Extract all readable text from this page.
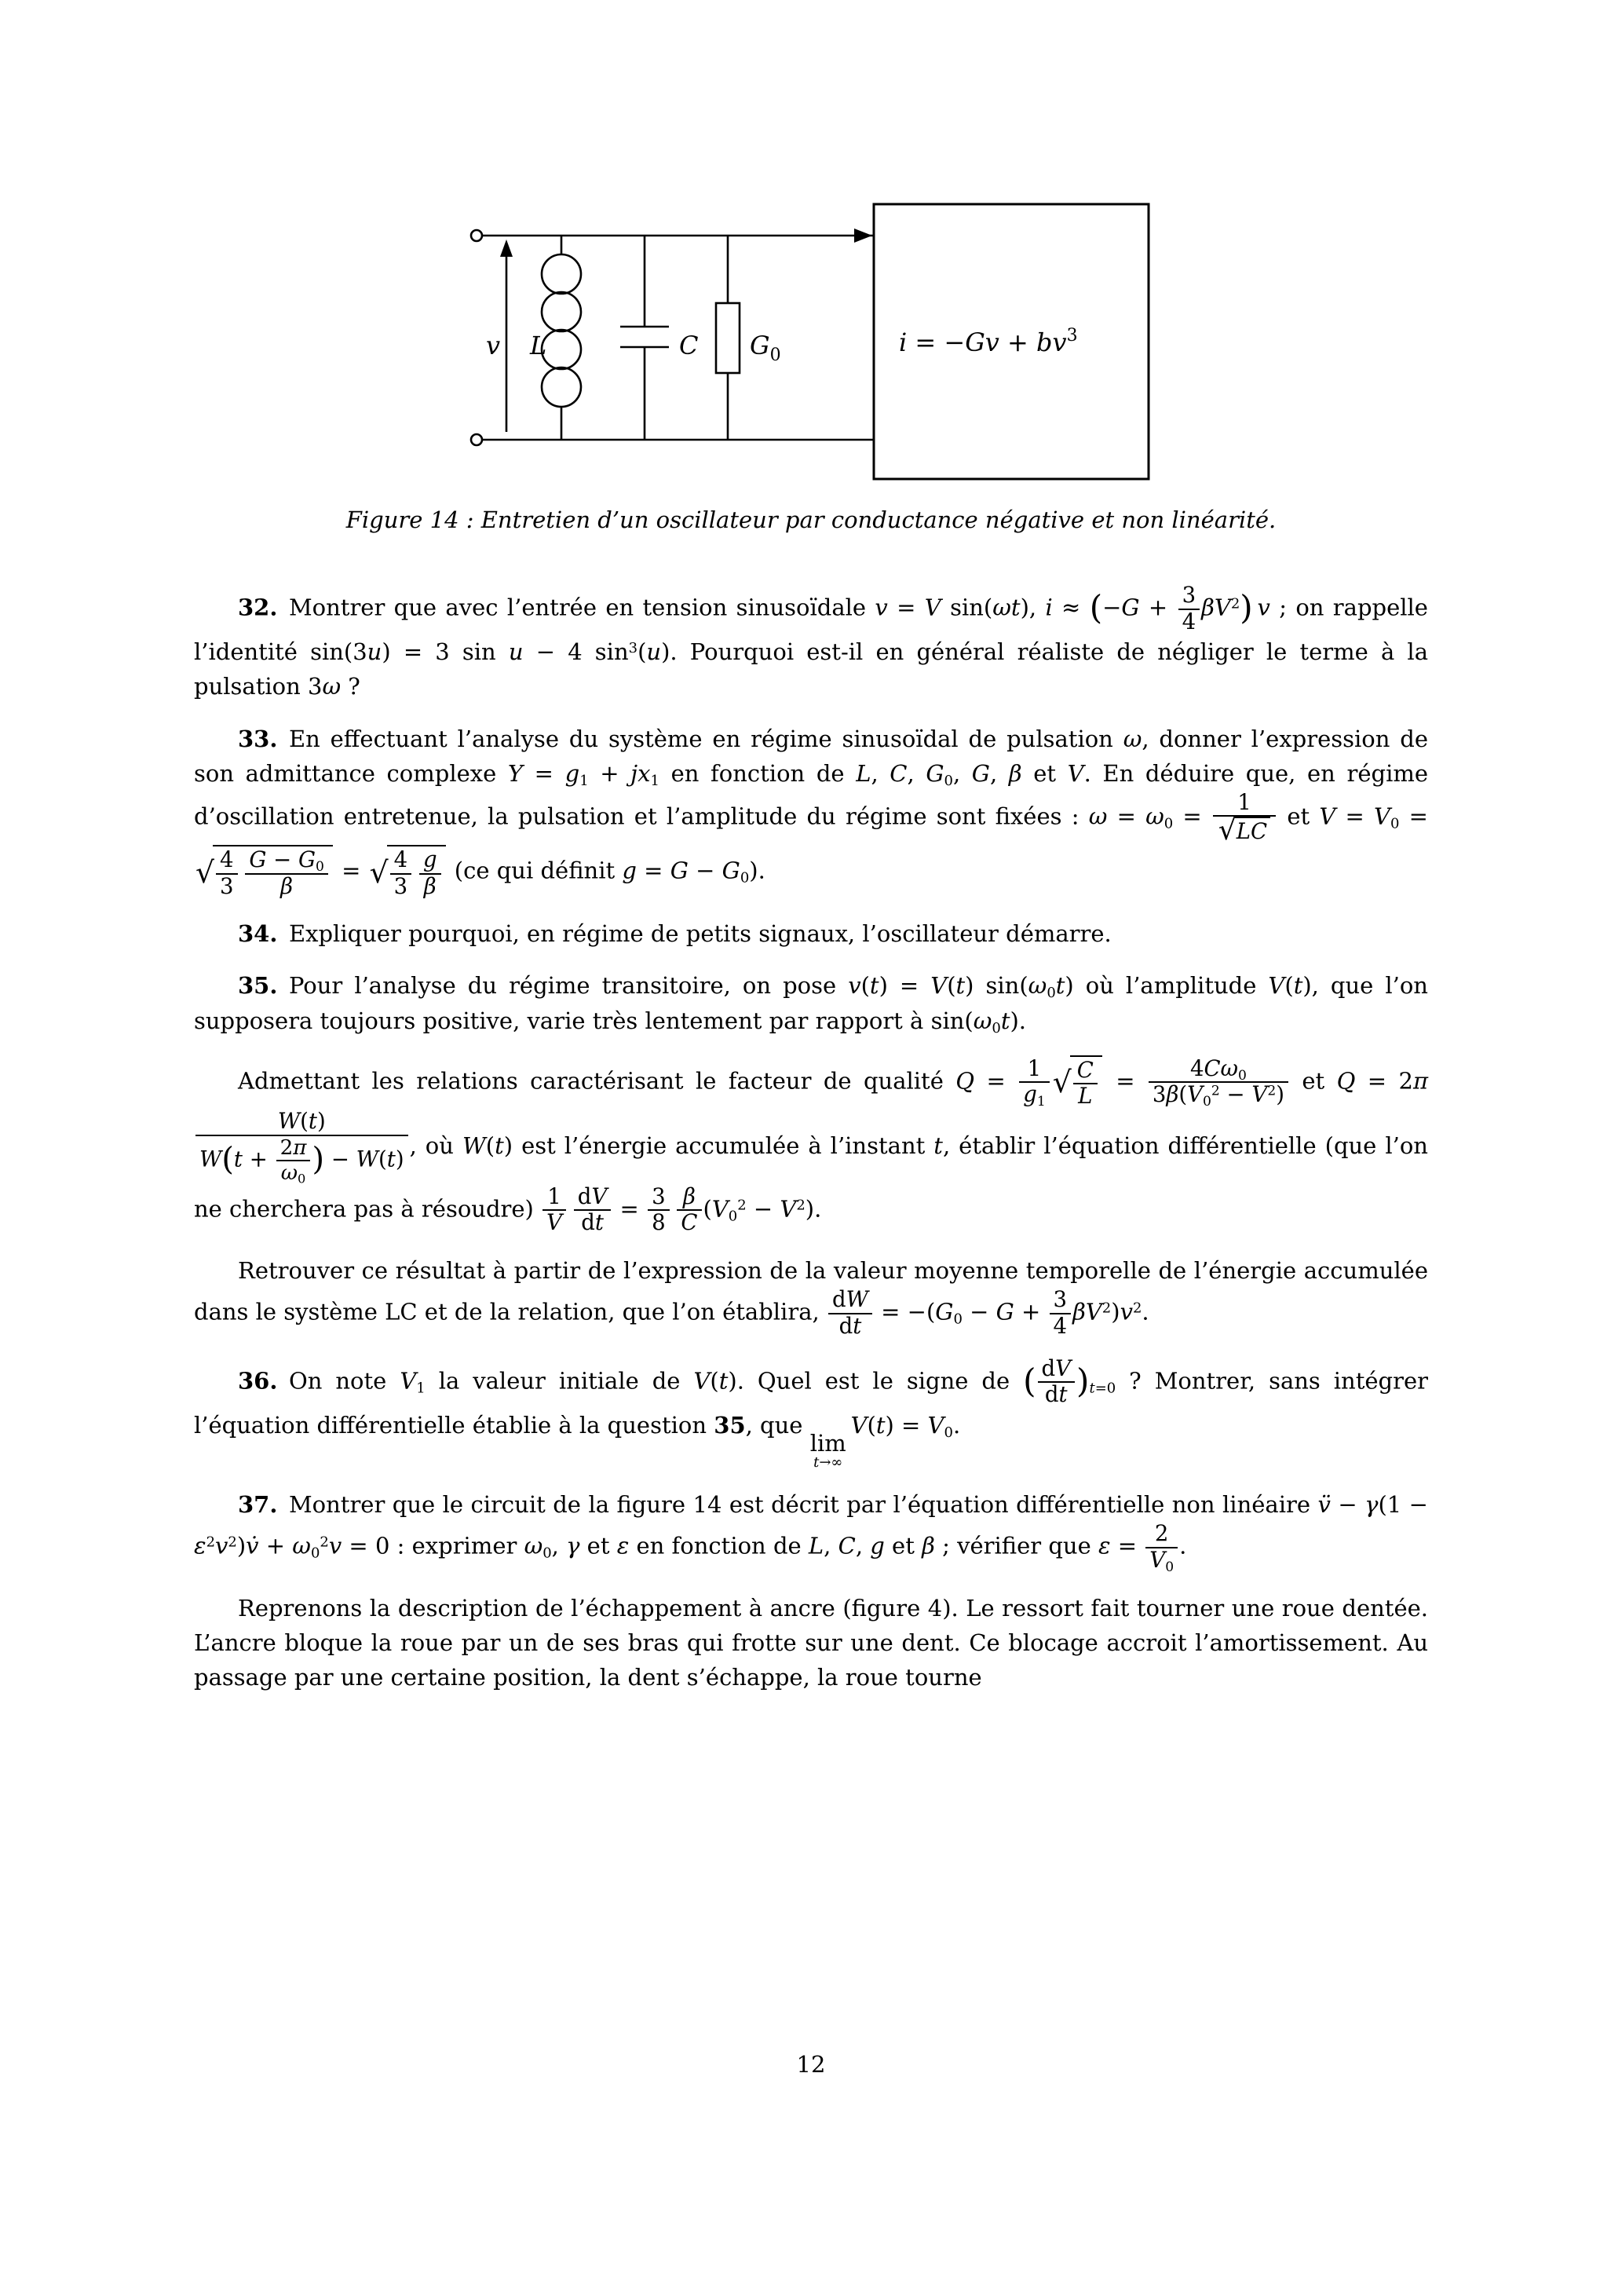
v L	C $G_0$	$i = -Gv + bv^3$
Figure 14 : Entretien d’un oscillateur par conductance négative et non linéarité.

32. Montrer que avec l’entrée en tension sinusoïdale v = V sin(ωt), $i \approx (-G + \frac{3}{4} \beta V^2)$  v ; on rappelle l’identité sin(3u) = 3 sin u − 4 $\sin^3(u)$. Pourquoi est-il en général réaliste de négliger le terme à la pulsation 3ω ?

33. En effectuant l’analyse du système en régime sinusoïdal de pulsation ω, donner l’expression de son admittance complexe $Y = g_1 + jx_1$ en fonction de L, C, $G_0$, G, β et V. En déduire que, en régime d’oscillation entretenue, la pulsation et l’amplitude du régime sont fixées : $\omega = \omega_0 = \frac{1}{√ LC}$ et $V = V_0$ =
√ $\frac{4}{3}$
  $\frac{G - G_0}{\beta}$ = √ $\frac{4}{3}$
  $\frac{g}{\beta} (ce$ qui définit $g = G - G_0$).

34. Expliquer pourquoi, en régime de petits signaux, l’oscillateur démarre.

35. Pour l’analyse du régime transitoire, on pose v(t) = V(t) $\sin(\omega_0t)$ où l’amplitude V(t), que l’on supposera toujours positive, varie très lentement par rapport à $\sin(\omega_0t)$.

Admettant les relations caractérisant le facteur de qualité $Q = \frac{1}{g_1}$ √ $\frac{C}{L} = \frac{4C\omega_0}{3\beta(V_0^2 - V^2)}$ et Q = 2π
$\frac{W(t)}{W(t + \frac{2\pi}{\omega_0} ) - W(t)}$ , où W(t) est l’énergie accumulée à l’instant t, établir l’équation différentielle (que l’on ne cherchera pas à résoudre) $\frac{1}{V}$
  $\frac{dV}{dt} = \frac{3}{8}$
  $\frac{\beta}{C} (V_0^2 - V^2)$.

Retrouver ce résultat à partir de l’expression de la valeur moyenne temporelle de l’énergie accumulée dans le système LC et de la relation, que l’on établira, $\frac{dW}{dt} = -(G_0 - G + \frac{3}{4} \beta V^2)v^2$.

36. On note $V_1$ la valeur initiale de V(t). Quel est le signe de ( $\frac{dV}{dt} )_{t=0}$ ? Montrer, sans intégrer l’équation différentielle établie à la question 35, que
lim
t→∞
 $V(t) = V_0$.

37. Montrer que le circuit de la figure 14 est décrit par l’équation différentielle non linéaire v̈ − $\gamma(1 - \varepsilon^2v^2)v̇ + \omega_0^2v = 0$ : exprimer $\omega_0$, γ et ε en fonction de L, C, g et β ; vérifier que $\varepsilon = \frac{2}{V_0}$ .

Reprenons la description de l’échappement à ancre (figure 4). Le ressort fait tourner une roue dentée. L’ancre bloque la roue par un de ses bras qui frotte sur une dent. Ce blocage accroit l’amortissement. Au passage par une certaine position, la dent s’échappe, la roue tourne

12
